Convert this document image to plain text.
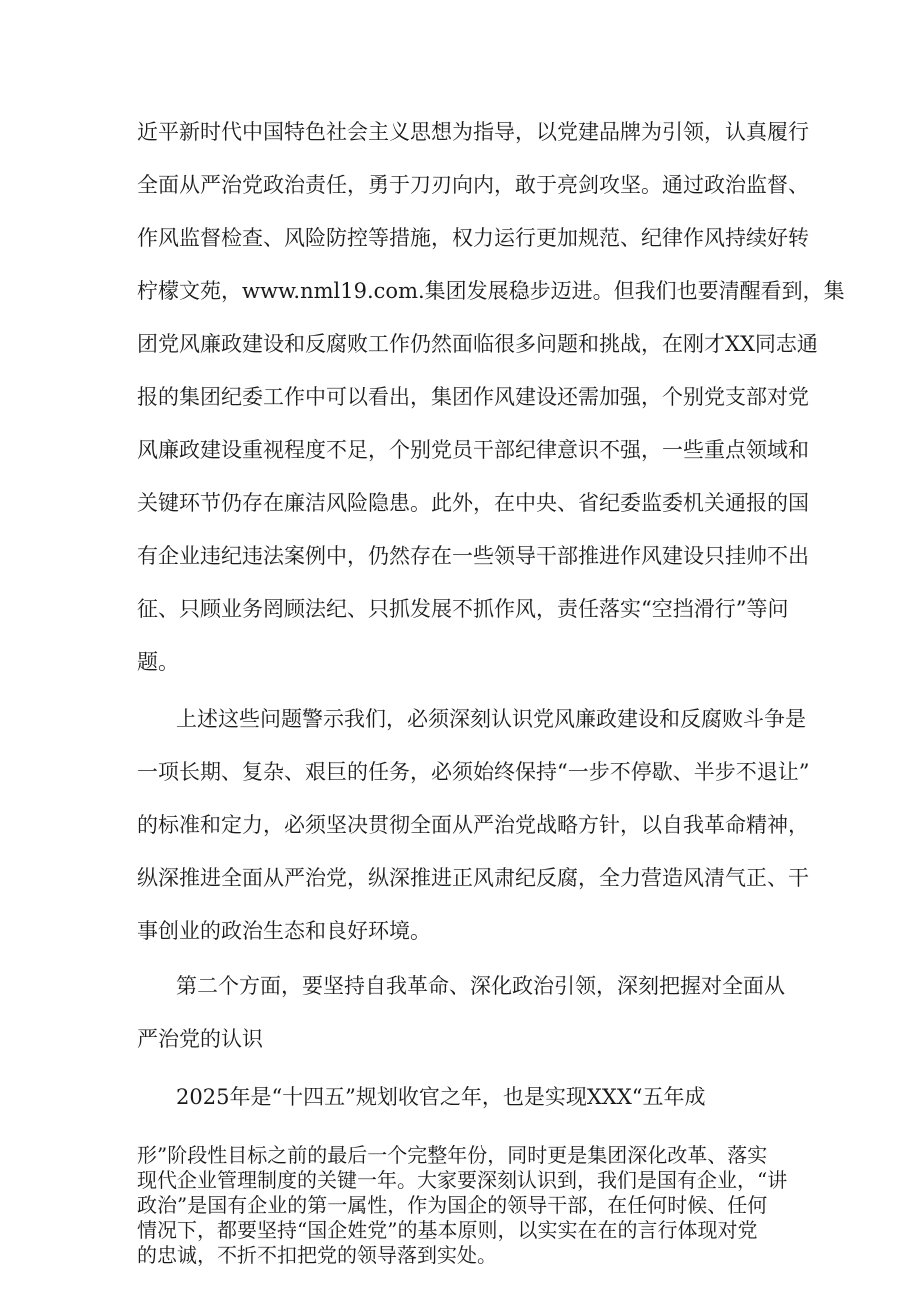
近平新时代中国特色社会主义思想为指导，以党建品牌为引领，认真履行
全面从严治党政治责任，勇于刀刃向内，敢于亮剑攻坚。通过政治监督、
作风监督检查、风险防控等措施，权力运行更加规范、纪律作风持续好转
柠檬文苑，www.nml19.com.集团发展稳步迈进。但我们也要清醒看到，集
团党风廉政建设和反腐败工作仍然面临很多问题和挑战，在刚才XX同志通
报的集团纪委工作中可以看出，集团作风建设还需加强，个别党支部对党
风廉政建设重视程度不足，个别党员干部纪律意识不强，一些重点领域和
关键环节仍存在廉洁风险隐患。此外，在中央、省纪委监委机关通报的国
有企业违纪违法案例中，仍然存在一些领导干部推进作风建设只挂帅不出
征、只顾业务罔顾法纪、只抓发展不抓作风，责任落实“空挡滑行”等问
题。
上述这些问题警示我们，必须深刻认识党风廉政建设和反腐败斗争是
一项长期、复杂、艰巨的任务，必须始终保持“一步不停歇、半步不退让”
的标准和定力，必须坚决贯彻全面从严治党战略方针，以自我革命精神，
纵深推进全面从严治党，纵深推进正风肃纪反腐，全力营造风清气正、干
事创业的政治生态和良好环境。
第二个方面，要坚持自我革命、深化政治引领，深刻把握对全面从
严治党的认识
2025年是“十四五”规划收官之年，也是实现XXX“五年成
形”阶段性目标之前的最后一个完整年份，同时更是集团深化改革、落实
现代企业管理制度的关键一年。大家要深刻认识到，我们是国有企业，“讲
政治”是国有企业的第一属性，作为国企的领导干部，在任何时候、任何
情况下，都要坚持“国企姓党”的基本原则，以实实在在的言行体现对党
的忠诚，不折不扣把党的领导落到实处。
